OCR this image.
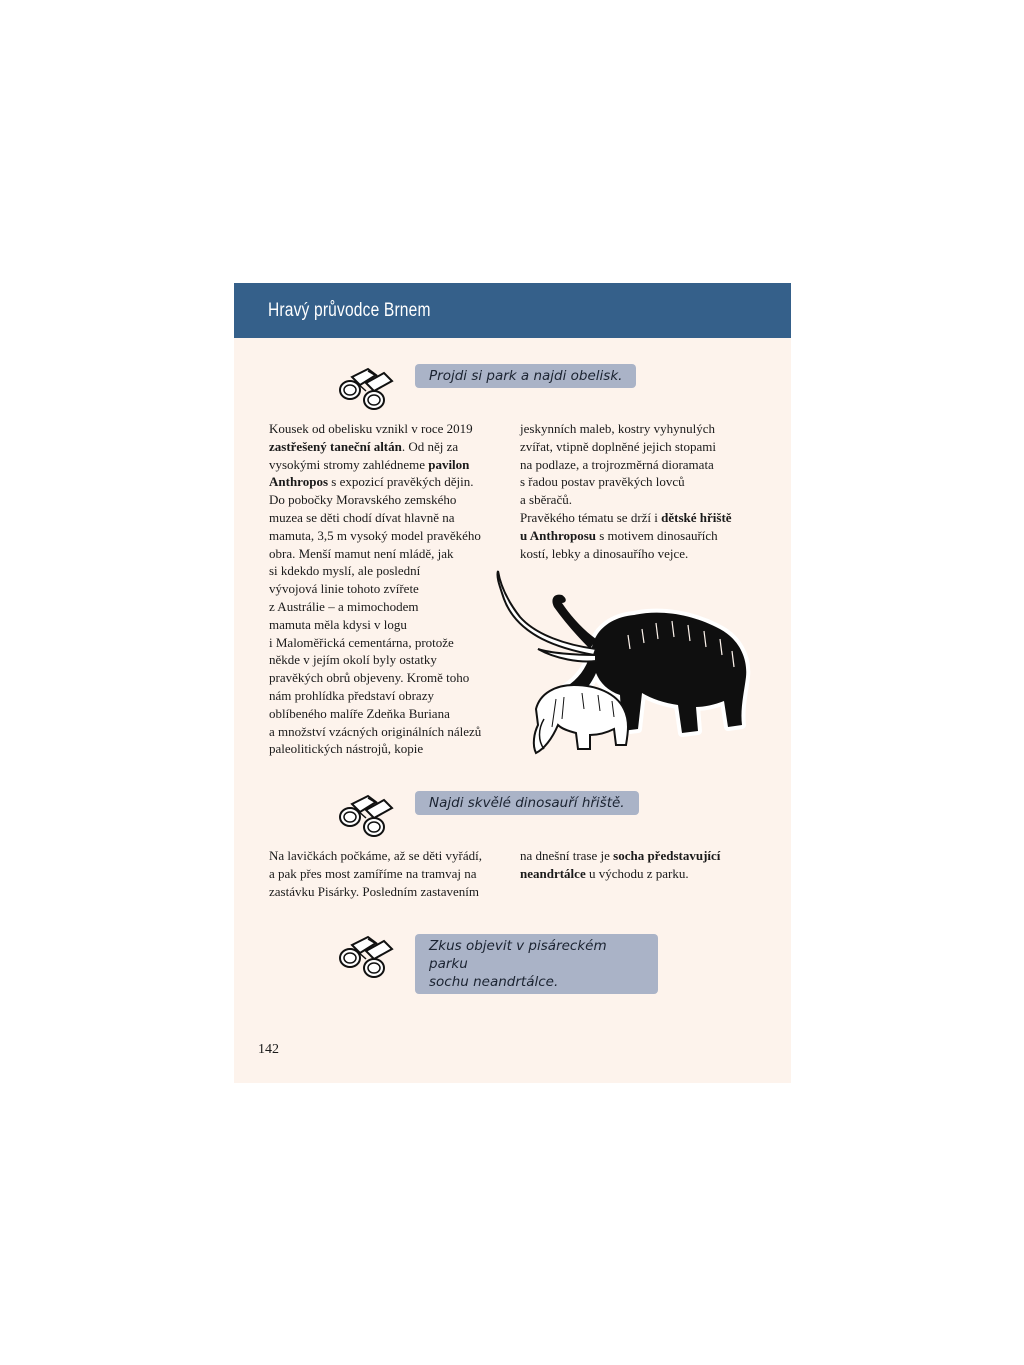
Hravý průvodce Brnem
Projdi si park a najdi obelisk.

Kousek od obelisku vznikl v roce 2019

zastřešený taneční altán. Od něj za

vysokými stromy zahlédneme pavilon

Anthropos s expozicí pravěkých dějin.

Do pobočky Moravského zemského

muzea se děti chodí dívat hlavně na

mamuta, 3,5 m vysoký model pravěkého

obra. Menší mamut není mládě, jak

si kdekdo myslí, ale poslední

vývojová linie tohoto zvířete

z Austrálie – a mimochodem

mamuta měla kdysi v logu

i Maloměřická cementárna, protože

někde v jejím okolí byly ostatky

pravěkých obrů objeveny. Kromě toho

nám prohlídka představí obrazy

oblíbeného malíře Zdeňka Buriana

a množství vzácných originálních nálezů

paleolitických nástrojů, kopie

jeskynních maleb, kostry vyhynulých

zvířat, vtipně doplněné jejich stopami

na podlaze, a trojrozměrná dioramata

s řadou postav pravěkých lovců

a sběračů.

Pravěkého tématu se drží i dětské hřiště

u Anthroposu s motivem dinosauřích

kostí, lebky a dinosauřího vejce.

Najdi skvělé dinosauří hřiště.

Na lavičkách počkáme, až se děti vyřádí,

a pak přes most zamíříme na tramvaj na

zastávku Pisárky. Posledním zastavením

na dnešní trase je socha představující

neandrtálce u východu z parku.

Zkus objevit v pisáreckém parku
sochu neandrtálce.
142
